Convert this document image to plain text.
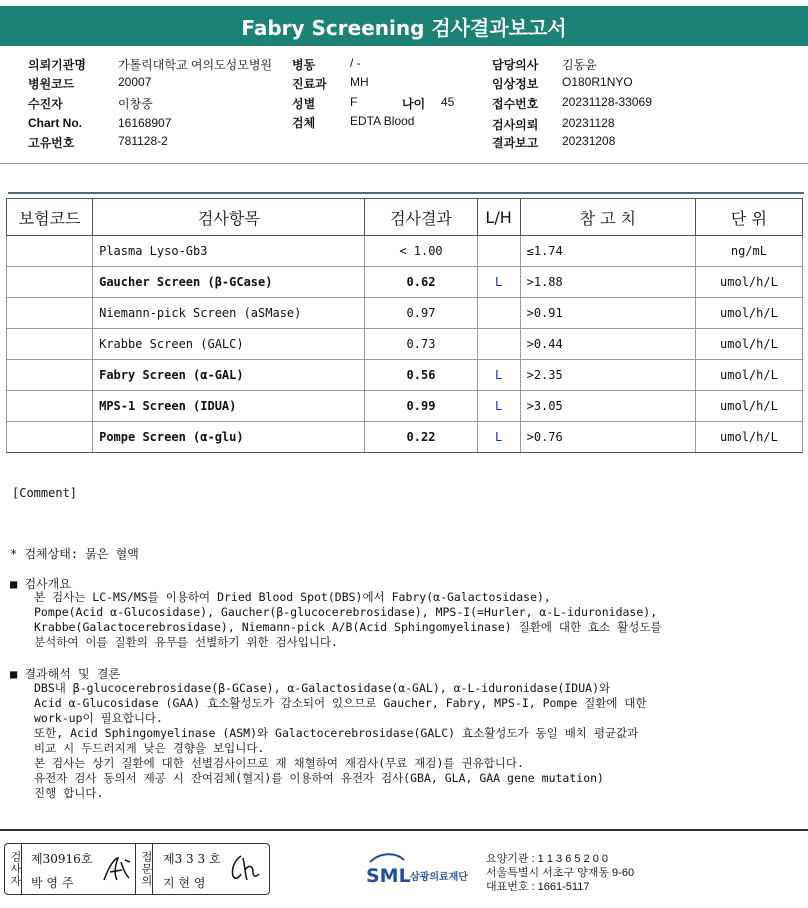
Fabry Screening 검사결과보고서
의뢰기관명	가톨릭대학교 여의도성모병원
병원코드	20007
수진자	이창중
Chart No.	16168907
고유번호	781128-2
병동	/ -
진료과 MH
성별	F	나이 45
검체	EDTA Blood
담당의사 김동윤
임상정보 O180R1NYO
접수번호 20231128-33069
검사의뢰 20231128
결과보고 20231208
보험코드	검사항목	검사결과	L/H	참 고 치	단 위
	Plasma Lyso-Gb3	< 1.00		≤1.74	ng/mL
	Gaucher Screen (β-GCase)	0.62	L	>1.88	umol/h/L
	Niemann-pick Screen (aSMase)	0.97		>0.91	umol/h/L
	Krabbe Screen (GALC)	0.73		>0.44	umol/h/L
	Fabry Screen (α-GAL)	0.56	L	>2.35	umol/h/L
	MPS-1 Screen (IDUA)	0.99	L	>3.05	umol/h/L
	Pompe Screen (α-glu)	0.22	L	>0.76	umol/h/L
[Comment]
* 검체상태: 묽은 혈액
■ 검사개요
본 검사는 LC-MS/MS를 이용하여 Dried Blood Spot(DBS)에서 Fabry(α-Galactosidase),
Pompe(Acid α-Glucosidase), Gaucher(β-glucocerebrosidase), MPS-I(=Hurler, α-L-iduronidase),
Krabbe(Galactocerebrosidase), Niemann-pick A/B(Acid Sphingomyelinase) 질환에 대한 효소 활성도를
분석하여 이를 질환의 유무를 선별하기 위한 검사입니다.
■ 결과해석 및 결론
DBS내 β-glucocerebrosidase(β-GCase), α-Galactosidase(α-GAL), α-L-iduronidase(IDUA)와
Acid α-Glucosidase (GAA) 효소활성도가 감소되어 있으므로 Gaucher, Fabry, MPS-I, Pompe 질환에 대한
work-up이 필요합니다.
또한, Acid Sphingomyelinase (ASM)와 Galactocerebrosidase(GALC) 효소활성도가 동일 배치 평균값과
비교 시 두드러지게 낮은 경향을 보입니다.
본 검사는 상기 질환에 대한 선별검사이므로 재 채혈하여 재검사(무료 재검)를 권유합니다.
유전자 검사 동의서 제공 시 잔여검체(혈지)를 이용하여 유전자 검사(GBA, GLA, GAA gene mutation)
진행 합니다.
검사자 제30916호
박 영 주	접문의 제3 3 3 호
지 현 영	SML 삼광의료재단
요양기관 : 1 1 3 6 5 2 0 0
서울특별시 서초구 양재동 9-60
대표번호 : 1661-5117
